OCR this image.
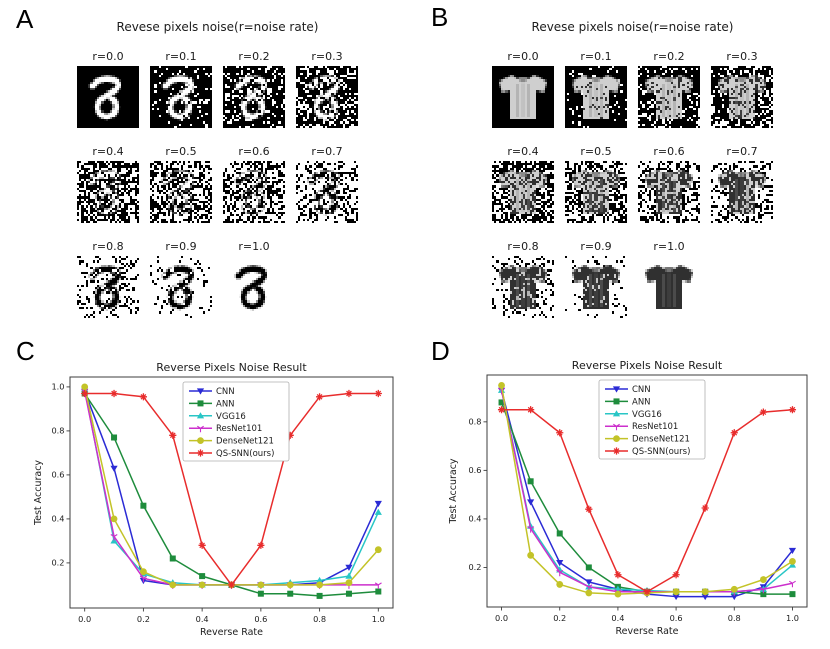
A	B
C	D
Revese pixels noise(r=noise rate)	Revese pixels noise(r=noise rate)
r=0.0	r=0.1	r=0.2	r=0.3
r=0.4	r=0.5	r=0.6	r=0.7
r=0.8	r=0.9	r=1.0
r=0.0	r=0.1	r=0.2	r=0.3
r=0.4	r=0.5	r=0.6	r=0.7
r=0.8	r=0.9	r=1.0
0.0	0.2	0.4	0.6	0.8	1.0
0.2
0.4
0.6
0.8
1.0
Reverse Pixels Noise Result
Reverse Rate
Test Accuracy
CNN
ANN
VGG16
ResNet101
DenseNet121
QS-SNN(ours)
0.0	0.2	0.4	0.6	0.8	1.0
0.2
0.4
0.6
0.8
Reverse Pixels Noise Result
Reverse Rate
Test Accuracy
CNN
ANN
VGG16
ResNet101
DenseNet121
QS-SNN(ours)
